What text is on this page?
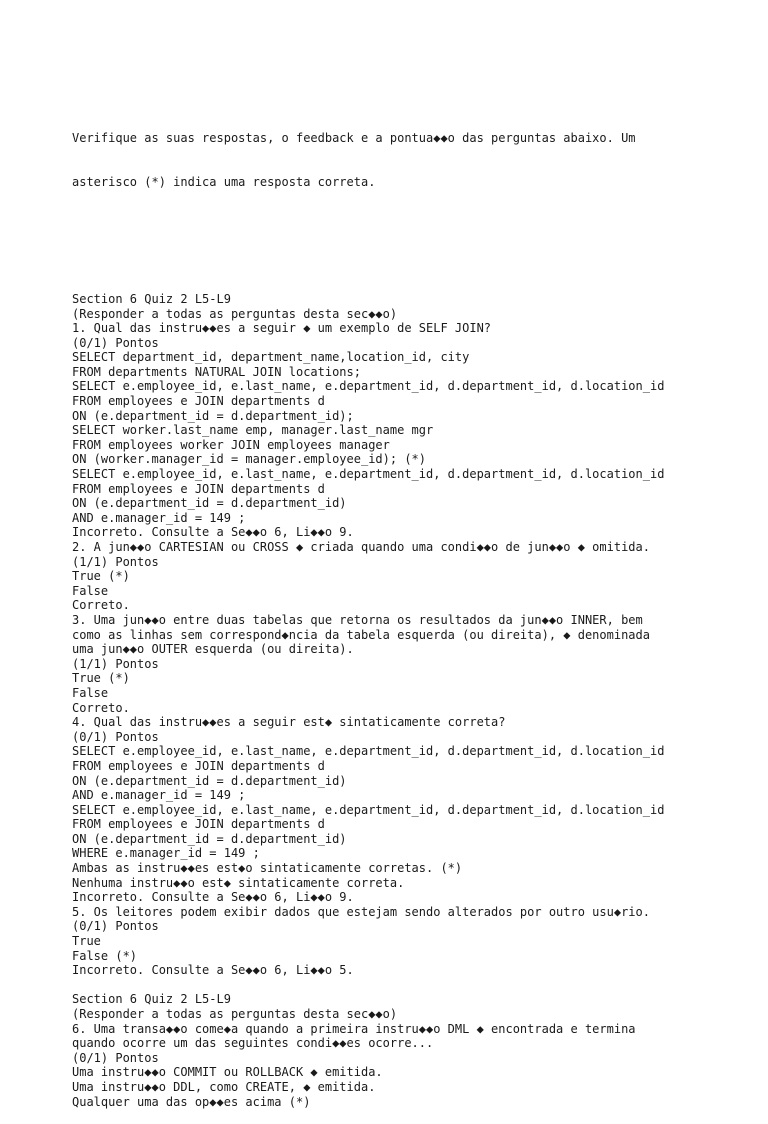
Verifique as suas respostas, o feedback e a pontua◆◆o das perguntas abaixo. Um

asterisco (*) indica uma resposta correta.

Section 6 Quiz 2 L5-L9
(Responder a todas as perguntas desta sec◆◆o)
1. Qual das instru◆◆es a seguir ◆ um exemplo de SELF JOIN?
(0/1) Pontos
SELECT department_id, department_name,location_id, city
FROM departments NATURAL JOIN locations;
SELECT e.employee_id, e.last_name, e.department_id, d.department_id, d.location_id
FROM employees e JOIN departments d
ON (e.department_id = d.department_id);
SELECT worker.last_name emp, manager.last_name mgr
FROM employees worker JOIN employees manager
ON (worker.manager_id = manager.employee_id); (*)
SELECT e.employee_id, e.last_name, e.department_id, d.department_id, d.location_id
FROM employees e JOIN departments d
ON (e.department_id = d.department_id)
AND e.manager_id = 149 ;
Incorreto. Consulte a Se◆◆o 6, Li◆◆o 9.
2. A jun◆◆o CARTESIAN ou CROSS ◆ criada quando uma condi◆◆o de jun◆◆o ◆ omitida.
(1/1) Pontos
True (*)
False
Correto.
3. Uma jun◆◆o entre duas tabelas que retorna os resultados da jun◆◆o INNER, bem
como as linhas sem correspond◆ncia da tabela esquerda (ou direita), ◆ denominada
uma jun◆◆o OUTER esquerda (ou direita).
(1/1) Pontos
True (*)
False
Correto.
4. Qual das instru◆◆es a seguir est◆ sintaticamente correta?
(0/1) Pontos
SELECT e.employee_id, e.last_name, e.department_id, d.department_id, d.location_id
FROM employees e JOIN departments d
ON (e.department_id = d.department_id)
AND e.manager_id = 149 ;
SELECT e.employee_id, e.last_name, e.department_id, d.department_id, d.location_id
FROM employees e JOIN departments d
ON (e.department_id = d.department_id)
WHERE e.manager_id = 149 ;
Ambas as instru◆◆es est◆o sintaticamente corretas. (*)
Nenhuma instru◆◆o est◆ sintaticamente correta.
Incorreto. Consulte a Se◆◆o 6, Li◆◆o 9.
5. Os leitores podem exibir dados que estejam sendo alterados por outro usu◆rio.
(0/1) Pontos
True
False (*)
Incorreto. Consulte a Se◆◆o 6, Li◆◆o 5.
Section 6 Quiz 2 L5-L9
(Responder a todas as perguntas desta sec◆◆o)
6. Uma transa◆◆o come◆a quando a primeira instru◆◆o DML ◆ encontrada e termina
quando ocorre um das seguintes condi◆◆es ocorre...
(0/1) Pontos
Uma instru◆◆o COMMIT ou ROLLBACK ◆ emitida.
Uma instru◆◆o DDL, como CREATE, ◆ emitida.
Qualquer uma das op◆◆es acima (*)
